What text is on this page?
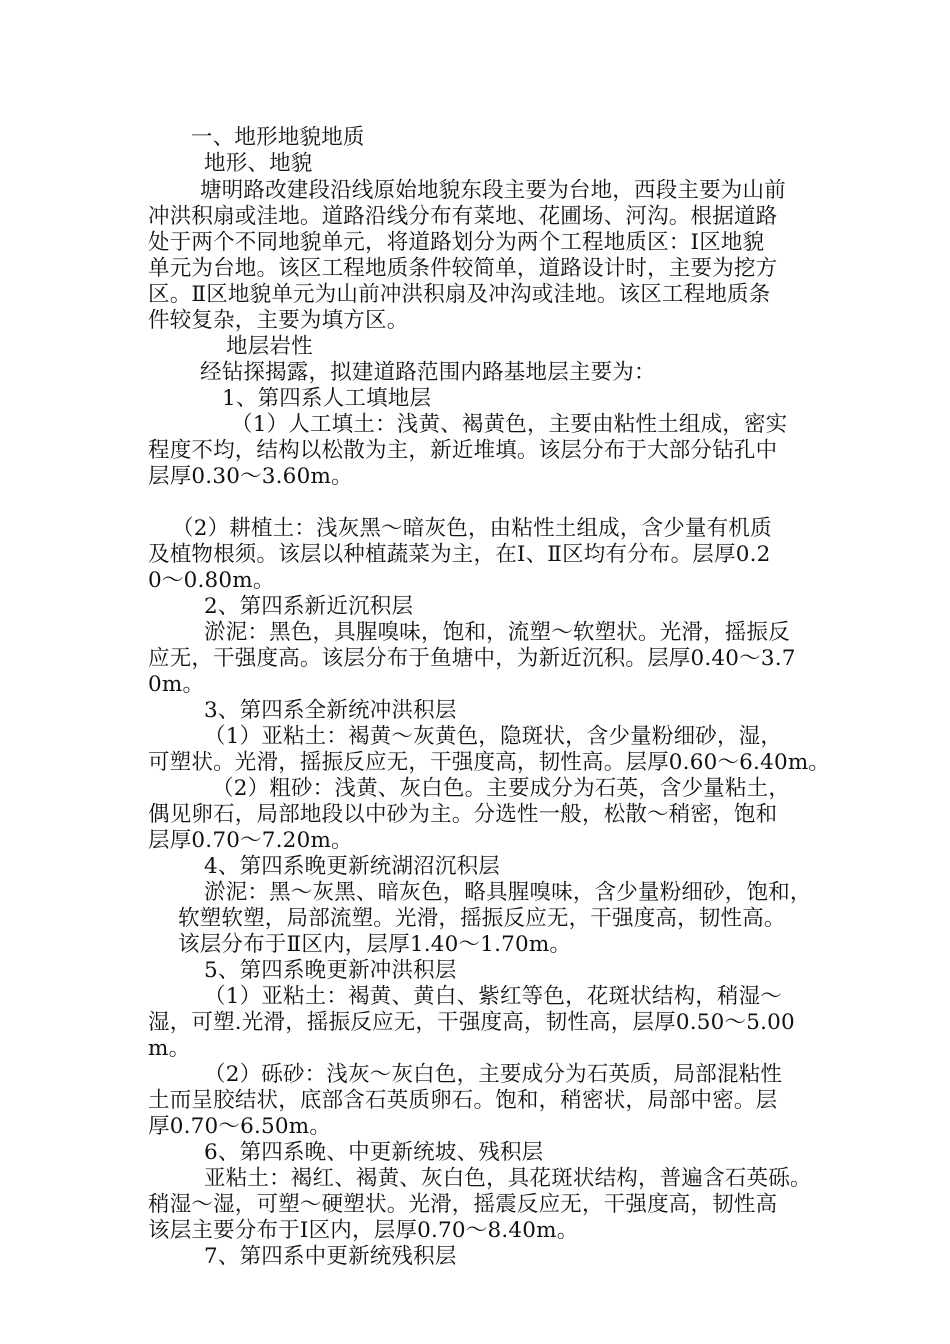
一、地形地貌地质
地形、地貌
塘明路改建段沿线原始地貌东段主要为台地，西段主要为山前
冲洪积扇或洼地。道路沿线分布有菜地、花圃场、河沟。根据道路
处于两个不同地貌单元，将道路划分为两个工程地质区：Ⅰ区地貌
单元为台地。该区工程地质条件较简单，道路设计时，主要为挖方
区。Ⅱ区地貌单元为山前冲洪积扇及冲沟或洼地。该区工程地质条
件较复杂，主要为填方区。
地层岩性
经钻探揭露，拟建道路范围内路基地层主要为：
1、第四系人工填地层
（1）人工填土：浅黄、褐黄色，主要由粘性土组成，密实
程度不均，结构以松散为主，新近堆填。该层分布于大部分钻孔中
层厚0.30～3.60m。
（2）耕植土：浅灰黑～暗灰色，由粘性土组成，含少量有机质
及植物根须。该层以种植蔬菜为主，在Ⅰ、Ⅱ区均有分布。层厚0.2
0～0.80m。
2、第四系新近沉积层
淤泥：黑色，具腥嗅味，饱和，流塑～软塑状。光滑，摇振反
应无，干强度高。该层分布于鱼塘中，为新近沉积。层厚0.40～3.7
0m。
3、第四系全新统冲洪积层
（1）亚粘土：褐黄～灰黄色，隐斑状，含少量粉细砂，湿，
可塑状。光滑，摇振反应无，干强度高，韧性高。层厚0.60～6.40m。
（2）粗砂：浅黄、灰白色。主要成分为石英，含少量粘土，
偶见卵石，局部地段以中砂为主。分选性一般，松散～稍密，饱和
层厚0.70～7.20m。
4、第四系晚更新统湖沼沉积层
淤泥：黑～灰黑、暗灰色，略具腥嗅味，含少量粉细砂，饱和，
软塑软塑，局部流塑。光滑，摇振反应无，干强度高，韧性高。
该层分布于Ⅱ区内，层厚1.40～1.70m。
5、第四系晚更新冲洪积层
（1）亚粘土：褐黄、黄白、紫红等色，花斑状结构，稍湿～
湿，可塑.光滑，摇振反应无，干强度高，韧性高，层厚0.50～5.00
m。
（2）砾砂：浅灰～灰白色，主要成分为石英质，局部混粘性
土而呈胶结状，底部含石英质卵石。饱和，稍密状，局部中密。层
厚0.70～6.50m。
6、第四系晚、中更新统坡、残积层
亚粘土：褐红、褐黄、灰白色，具花斑状结构，普遍含石英砾。
稍湿～湿，可塑～硬塑状。光滑，摇震反应无，干强度高，韧性高
该层主要分布于Ⅰ区内，层厚0.70～8.40m。
7、第四系中更新统残积层
